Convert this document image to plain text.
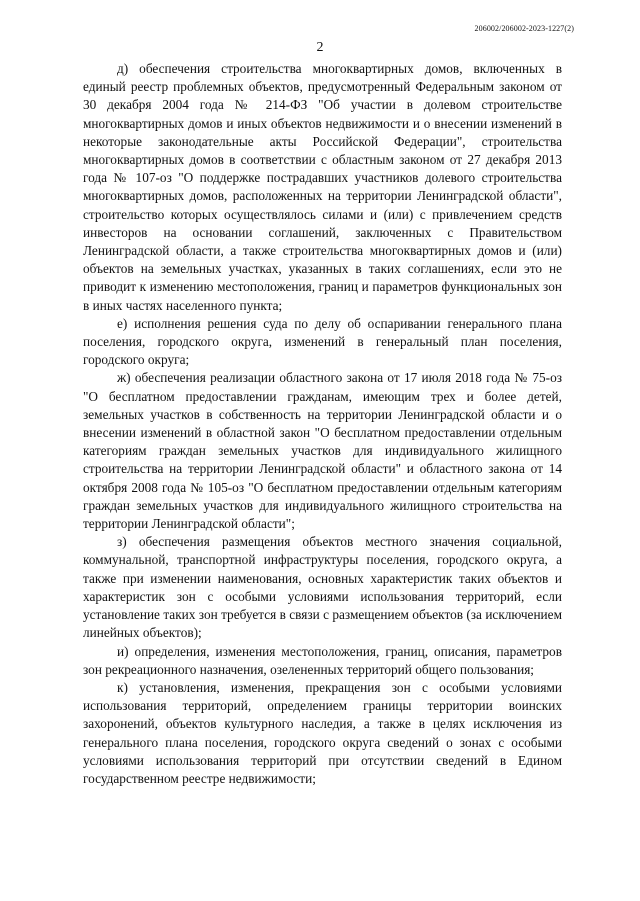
206002/206002-2023-1227(2)
2

д) обеспечения строительства многоквартирных домов, включенных в единый реестр проблемных объектов, предусмотренный Федеральным законом от 30 декабря 2004 года № 214-ФЗ "Об участии в долевом строительстве многоквартирных домов и иных объектов недвижимости и о внесении изменений в некоторые законодательные акты Российской Федерации", строительства многоквартирных домов в соответствии с областным законом от 27 декабря 2013 года № 107-оз "О поддержке пострадавших участников долевого строительства многоквартирных домов, расположенных на территории Ленинградской области", строительство которых осуществлялось силами и (или) с привлечением средств инвесторов на основании соглашений, заключенных с Правительством Ленинградской области, а также строительства многоквартирных домов и (или) объектов на земельных участках, указанных в таких соглашениях, если это не приводит к изменению местоположения, границ и параметров функциональных зон в иных частях населенного пункта;

е) исполнения решения суда по делу об оспаривании генерального плана поселения, городского округа, изменений в генеральный план поселения, городского округа;

ж) обеспечения реализации областного закона от 17 июля 2018 года № 75-оз "О бесплатном предоставлении гражданам, имеющим трех и более детей, земельных участков в собственность на территории Ленинградской области и о внесении изменений в областной закон "О бесплатном предоставлении отдельным категориям граждан земельных участков для индивидуального жилищного строительства на территории Ленинградской области" и областного закона от 14 октября 2008 года № 105-оз "О бесплатном предоставлении отдельным категориям граждан земельных участков для индивидуального жилищного строительства на территории Ленинградской области";

з) обеспечения размещения объектов местного значения социальной, коммунальной, транспортной инфраструктуры поселения, городского округа, а также при изменении наименования, основных характеристик таких объектов и характеристик зон с особыми условиями использования территорий, если установление таких зон требуется в связи с размещением объектов (за исключением линейных объектов);

и) определения, изменения местоположения, границ, описания, параметров зон рекреационного назначения, озелененных территорий общего пользования;

к) установления, изменения, прекращения зон с особыми условиями использования территорий, определением границы территории воинских захоронений, объектов культурного наследия, а также в целях исключения из генерального плана поселения, городского округа сведений о зонах с особыми условиями использования территорий при отсутствии сведений в Едином государственном реестре недвижимости;
